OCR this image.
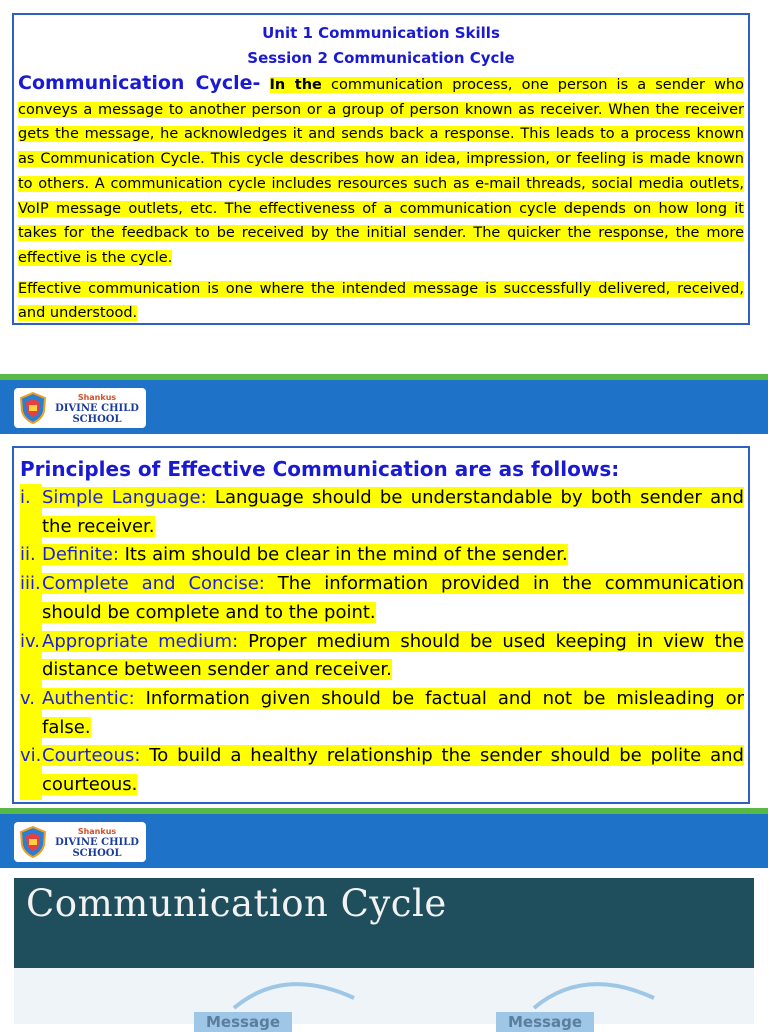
Unit 1 Communication Skills
Session 2 Communication Cycle

Communication Cycle- In the communication process, one person is a sender who conveys a message to another person or a group of person known as receiver. When the receiver gets the message, he acknowledges it and sends back a response. This leads to a process known as Communication Cycle. This cycle describes how an idea, impression, or feeling is made known to others. A communication cycle includes resources such as e-mail threads, social media outlets, VoIP message outlets, etc. The effectiveness of a communication cycle depends on how long it takes for the feedback to be received by the initial sender. The quicker the response, the more effective is the cycle.

Effective communication is one where the intended message is successfully delivered, received, and understood.

Shankus
DIVINE CHILD
SCHOOL
Principles of Effective Communication are as follows:
i. Simple Language: Language should be understandable by both sender and the receiver.
ii. Definite: Its aim should be clear in the mind of the sender.
iii. Complete and Concise: The information provided in the communication should be complete and to the point.
iv. Appropriate medium: Proper medium should be used keeping in view the distance between sender and receiver.
v. Authentic: Information given should be factual and not be misleading or false.
vi. Courteous: To build a healthy relationship the sender should be polite and courteous.
Shankus
DIVINE CHILD
SCHOOL
Communication Cycle
Message	Message
